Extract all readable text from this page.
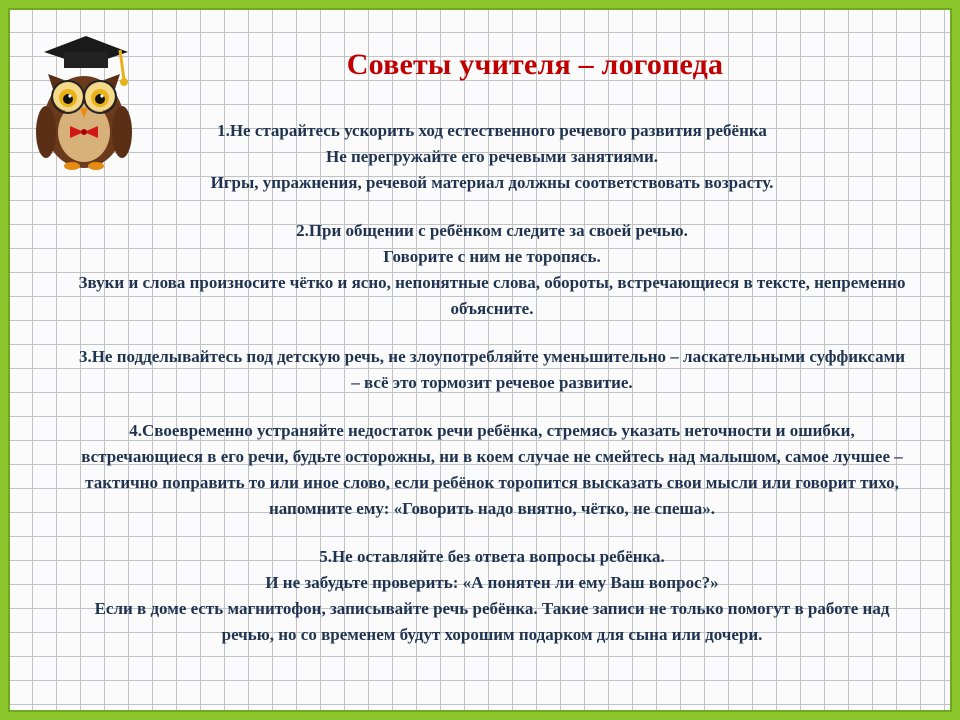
Советы учителя – логопеда

1.Не старайтесь ускорить ход естественного речевого развития ребёнка

Не перегружайте его речевыми занятиями.

Игры, упражнения, речевой материал должны соответствовать возрасту.

2.При общении с ребёнком следите за своей речью.

Говорите с ним не торопясь.

Звуки и слова произносите чётко и ясно, непонятные слова, обороты, встречающиеся в тексте, непременно объясните.

3.Не подделывайтесь под детскую речь, не злоупотребляйте уменьшительно – ласкательными суффиксами – всё это тормозит речевое развитие.

4.Своевременно устраняйте недостаток речи ребёнка, стремясь указать неточности и ошибки, встречающиеся в его речи, будьте осторожны, ни в коем случае не смейтесь над малышом, самое лучшее – тактично поправить то или иное слово, если ребёнок торопится высказать свои мысли или говорит тихо, напомните ему: «Говорить надо внятно, чётко, не спеша».

5.Не оставляйте без ответа вопросы ребёнка.

И не забудьте проверить: «А понятен ли ему Ваш вопрос?»

Если в доме есть магнитофон, записывайте речь ребёнка. Такие записи не только помогут в работе над речью, но со временем будут хорошим подарком для сына или дочери.
